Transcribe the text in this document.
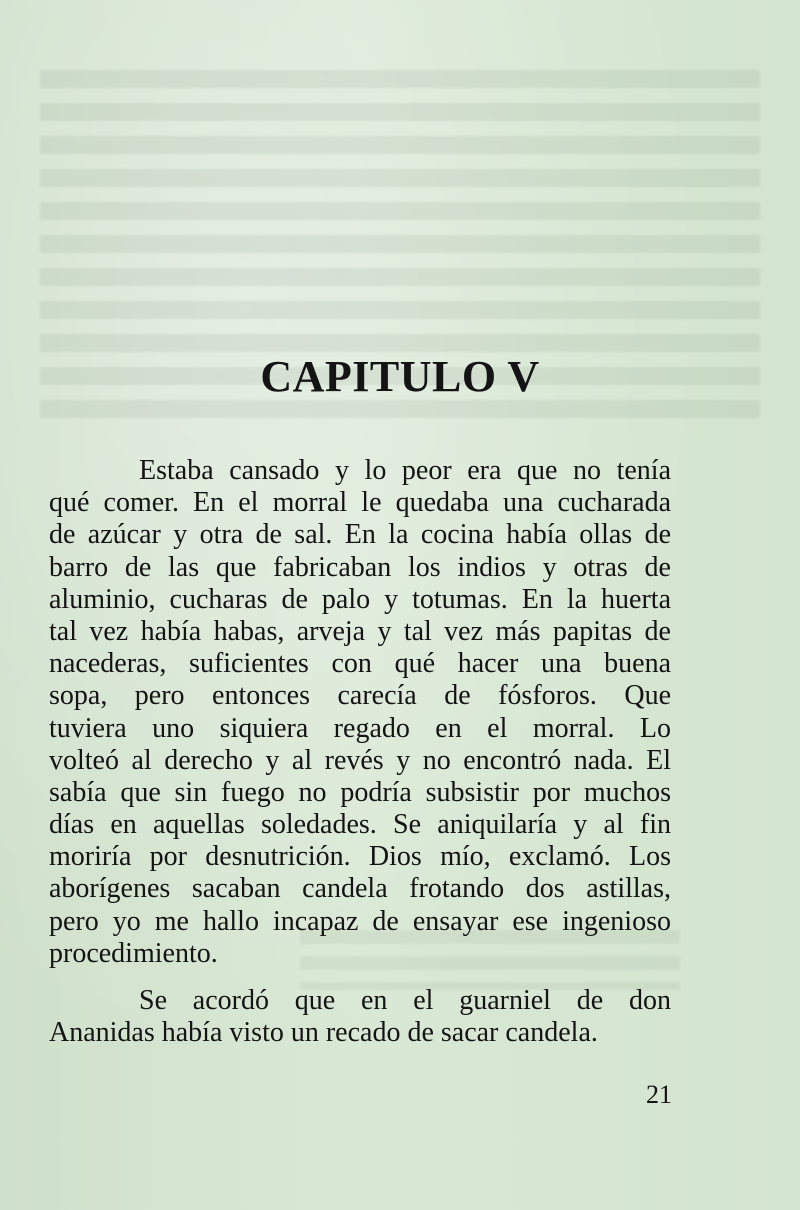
CAPITULO V
Estaba cansado y lo peor era que no tenía
qué comer. En el morral le quedaba una cucharada
de azúcar y otra de sal. En la cocina había ollas de
barro de las que fabricaban los indios y otras de
aluminio, cucharas de palo y totumas. En la huerta
tal vez había habas, arveja y tal vez más papitas de
nacederas, suficientes con qué hacer una buena
sopa, pero entonces carecía de fósforos. Que
tuviera uno siquiera regado en el morral. Lo
volteó al derecho y al revés y no encontró nada. El
sabía que sin fuego no podría subsistir por muchos
días en aquellas soledades. Se aniquilaría y al fin
moriría por desnutrición. Dios mío, exclamó. Los
aborígenes sacaban candela frotando dos astillas,
pero yo me hallo incapaz de ensayar ese ingenioso
procedimiento.
Se acordó que en el guarniel de don
Ananidas había visto un recado de sacar candela.
21
